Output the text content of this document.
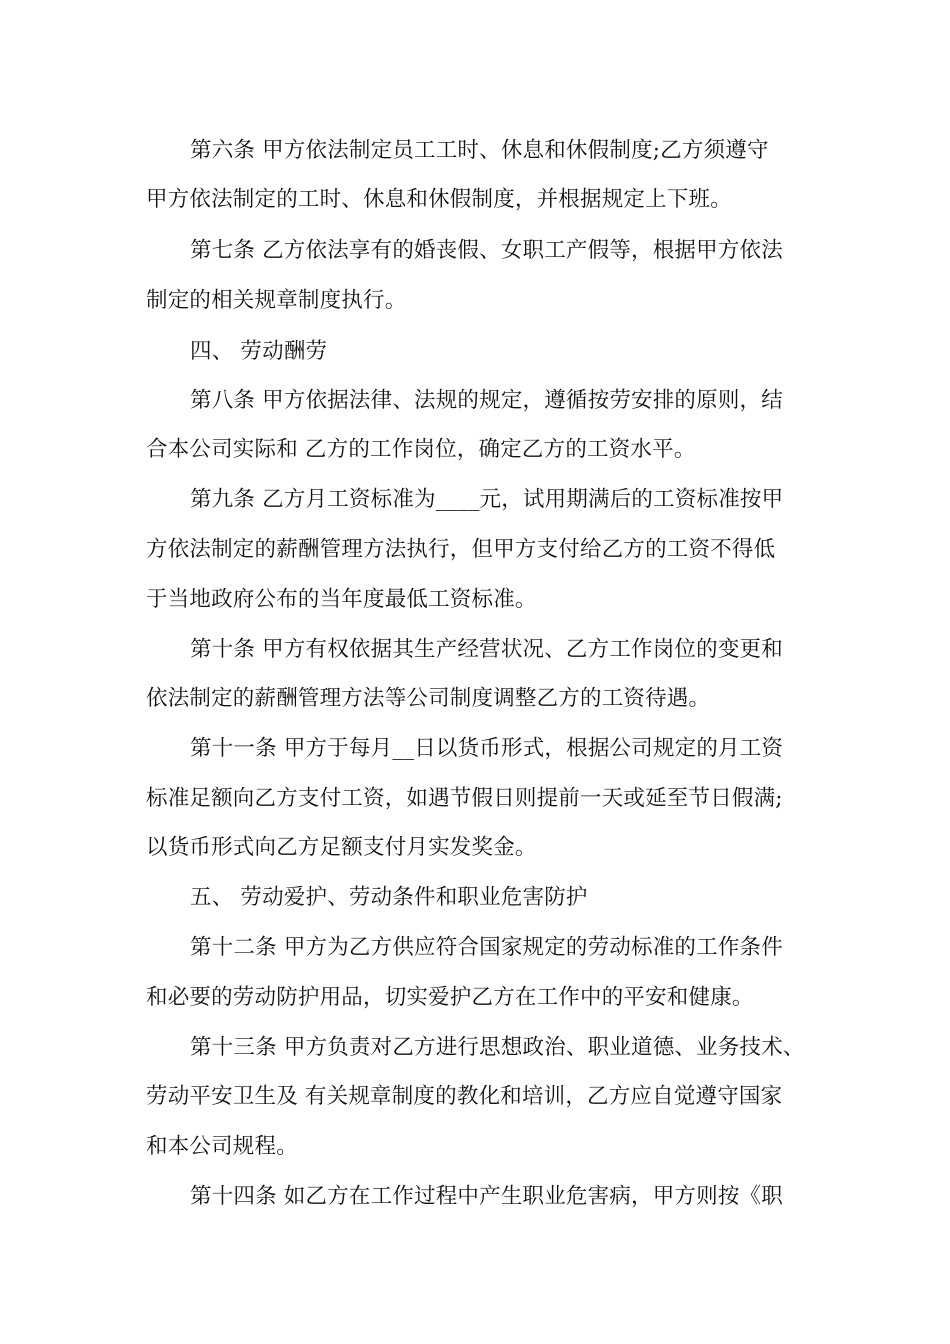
第六条 甲方依法制定员工工时、休息和休假制度;乙方须遵守
甲方依法制定的工时、休息和休假制度，并根据规定上下班。
第七条 乙方依法享有的婚丧假、女职工产假等，根据甲方依法
制定的相关规章制度执行。
四、 劳动酬劳
第八条 甲方依据法律、法规的规定，遵循按劳安排的原则，结
合本公司实际和 乙方的工作岗位，确定乙方的工资水平。
第九条 乙方月工资标准为____元，试用期满后的工资标准按甲
方依法制定的薪酬管理方法执行，但甲方支付给乙方的工资不得低
于当地政府公布的当年度最低工资标准。
第十条 甲方有权依据其生产经营状况、乙方工作岗位的变更和
依法制定的薪酬管理方法等公司制度调整乙方的工资待遇。
第十一条 甲方于每月__日以货币形式，根据公司规定的月工资
标准足额向乙方支付工资，如遇节假日则提前一天或延至节日假满;
以货币形式向乙方足额支付月实发奖金。
五、 劳动爱护、劳动条件和职业危害防护
第十二条 甲方为乙方供应符合国家规定的劳动标准的工作条件
和必要的劳动防护用品，切实爱护乙方在工作中的平安和健康。
第十三条 甲方负责对乙方进行思想政治、职业道德、业务技术、
劳动平安卫生及 有关规章制度的教化和培训，乙方应自觉遵守国家
和本公司规程。
第十四条 如乙方在工作过程中产生职业危害病，甲方则按《职
